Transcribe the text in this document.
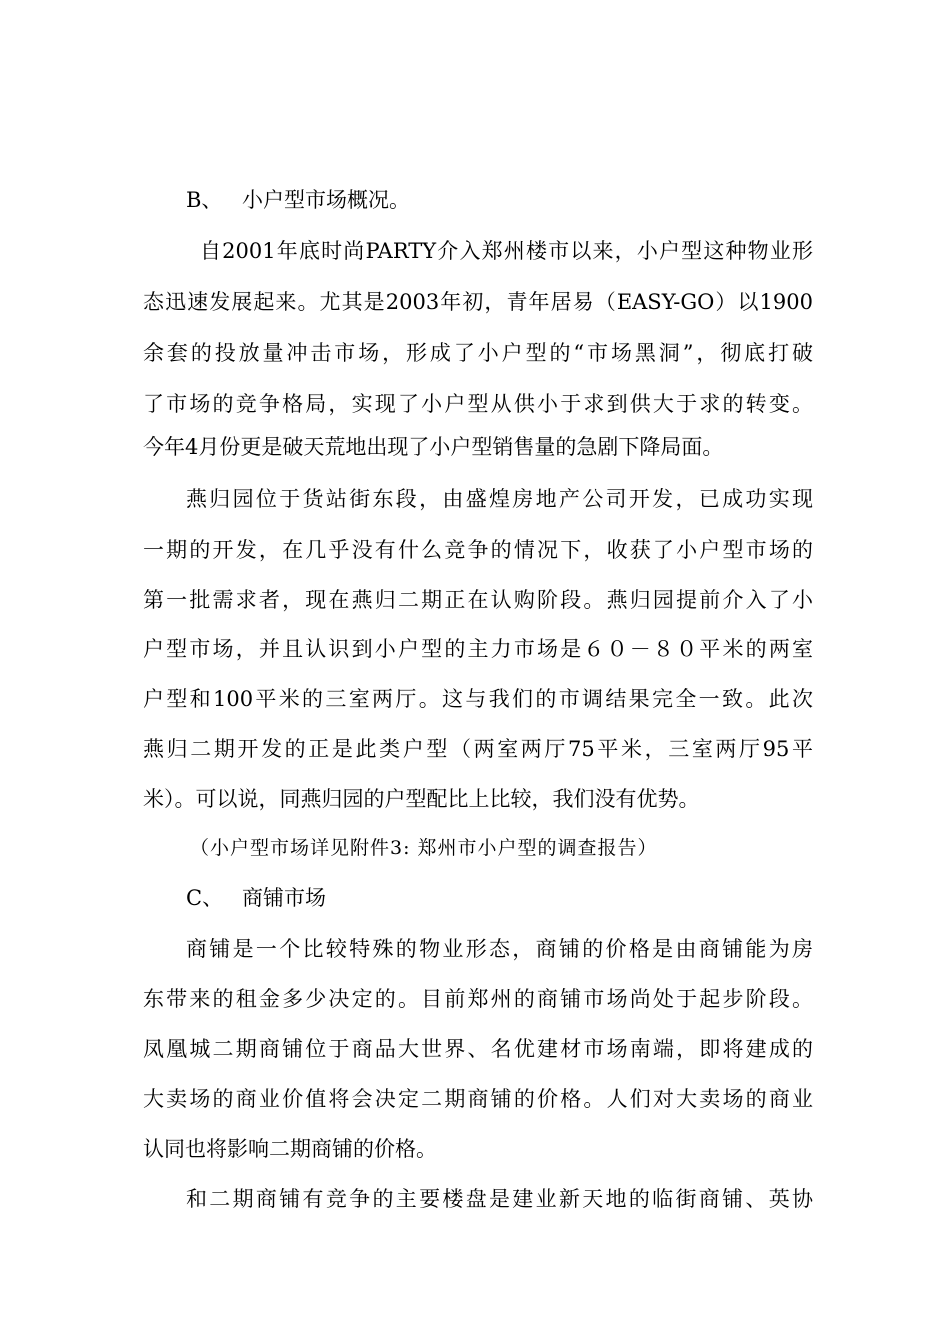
B、 小户型市场概况。
自2001年底时尚PARTY介入郑州楼市以来，小户型这种物业形
态迅速发展起来。尤其是2003年初，青年居易（EASY-GO）以1900
余套的投放量冲击市场，形成了小户型的“市场黑洞”，彻底打破
了市场的竞争格局，实现了小户型从供小于求到供大于求的转变。
今年4月份更是破天荒地出现了小户型销售量的急剧下降局面。
燕归园位于货站街东段，由盛煌房地产公司开发，已成功实现
一期的开发，在几乎没有什么竞争的情况下，收获了小户型市场的
第一批需求者，现在燕归二期正在认购阶段。燕归园提前介入了小
户型市场，并且认识到小户型的主力市场是６０－８０平米的两室
户型和100平米的三室两厅。这与我们的市调结果完全一致。此次
燕归二期开发的正是此类户型（两室两厅75平米，三室两厅95平
米）。可以说，同燕归园的户型配比上比较，我们没有优势。
（小户型市场详见附件3: 郑州市小户型的调查报告）
C、 商铺市场
商铺是一个比较特殊的物业形态，商铺的价格是由商铺能为房
东带来的租金多少决定的。目前郑州的商铺市场尚处于起步阶段。
凤凰城二期商铺位于商品大世界、名优建材市场南端，即将建成的
大卖场的商业价值将会决定二期商铺的价格。人们对大卖场的商业
认同也将影响二期商铺的价格。
和二期商铺有竞争的主要楼盘是建业新天地的临街商铺、英协
